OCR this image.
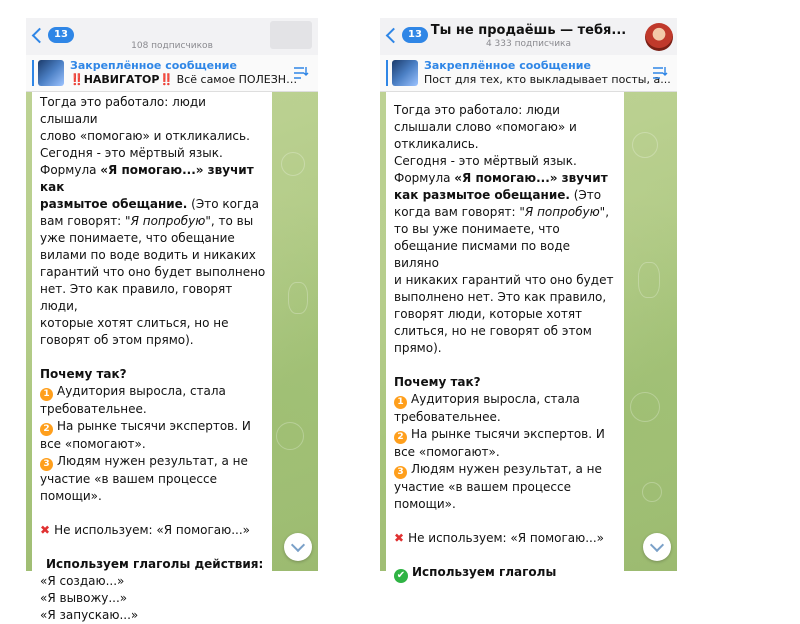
13
108 подписчиков
Закреплённое сообщение
‼️НАВИГАТОР‼️ Всё самое ПОЛЕЗН…

Тогда это работало: люди слышали

слово «помогаю» и откликались.

Сегодня - это мёртвый язык.

Формула «Я помогаю...» звучит как

размытое обещание. (Это когда

вам говорят: "Я попробую", то вы

уже понимаете, что обещание

вилами по воде водить и никаких

гарантий что оно будет выполнено

нет. Это как правило, говорят люди,

которые хотят слиться, но не

говорят об этом прямо).

Почему так?

1 Аудитория выросла, стала

требовательнее.

2 На рынке тысячи экспертов. И

все «помогают».

3 Людям нужен результат, а не

участие «в вашем процессе

помощи».

✖ Не используем: «Я помогаю...»

Используем глаголы действия:

«Я создаю...»

«Я вывожу...»

«Я запускаю...»

13 Ты не продаёшь — тебя...
4 333 подписчика
Закреплённое сообщение
Пост для тех, кто выкладывает посты, а...

Тогда это работало: люди

слышали слово «помогаю» и

откликались.

Сегодня - это мёртвый язык.

Формула «Я помогаю...» звучит

как размытое обещание. (Это

когда вам говорят: "Я попробую",

то вы уже понимаете, что

обещание писмами по воде виляно

и никаких гарантий что оно будет

выполнено нет. Это как правило,

говорят люди, которые хотят

слиться, но не говорят об этом

прямо).

Почему так?

1 Аудитория выросла, стала

требовательнее.

2 На рынке тысячи экспертов. И

все «помогают».

3 Людям нужен результат, а не

участие «в вашем процессе

помощи».

✖ Не используем: «Я помогаю...»

✔ Используем глаголы
